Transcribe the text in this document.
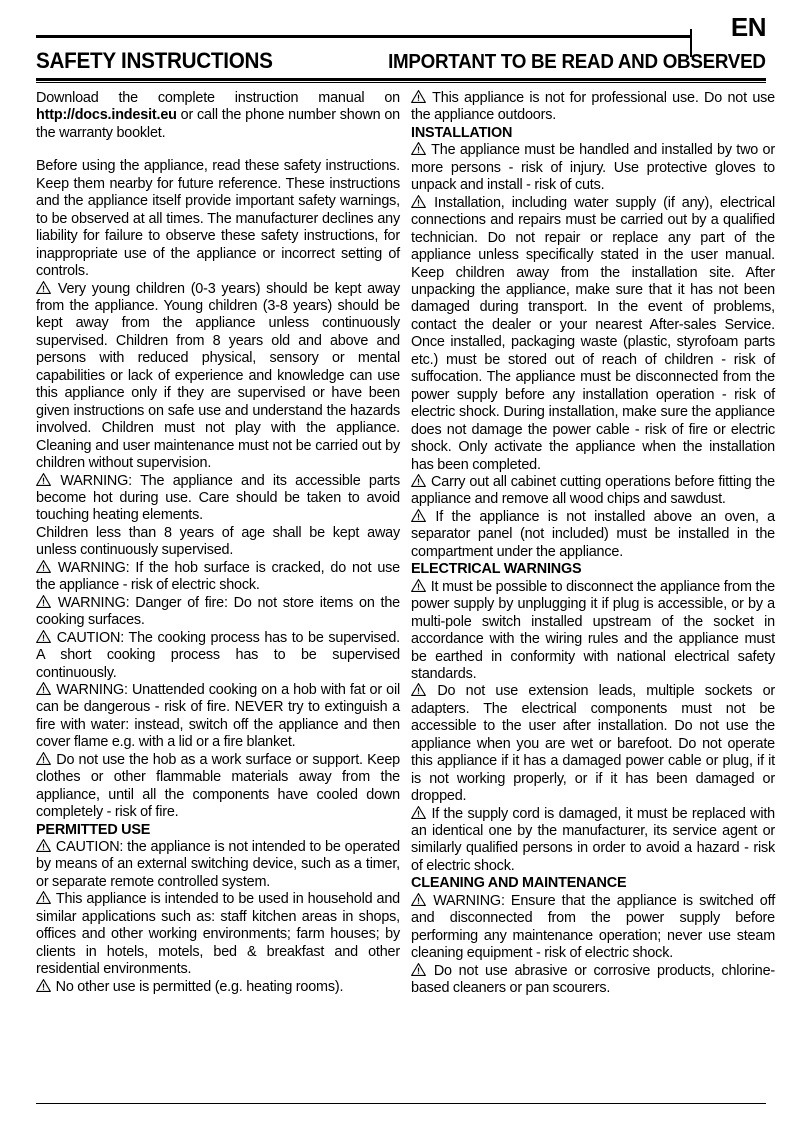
EN
SAFETY INSTRUCTIONS	IMPORTANT TO BE READ AND OBSERVED

Download the complete instruction manual on http://docs.indesit.eu or call the phone number shown on the warranty booklet.

Before using the appliance, read these safety instructions. Keep them nearby for future reference. These instructions and the appliance itself provide important safety warnings, to be observed at all times. The manufacturer declines any liability for failure to observe these safety instructions, for inappropriate use of the appliance or incorrect setting of controls.

Very young children (0-3 years) should be kept away from the appliance. Young children (3-8 years) should be kept away from the appliance unless continuously supervised. Children from 8 years old and above and persons with reduced physical, sensory or mental capabilities or lack of experience and knowledge can use this appliance only if they are supervised or have been given instructions on safe use and understand the hazards involved. Children must not play with the appliance. Cleaning and user maintenance must not be carried out by children without supervision.

WARNING: The appliance and its accessible parts become hot during use. Care should be taken to avoid touching heating elements.

Children less than 8 years of age shall be kept away unless continuously supervised.

WARNING: If the hob surface is cracked, do not use the appliance - risk of electric shock.

WARNING: Danger of fire: Do not store items on the cooking surfaces.

CAUTION: The cooking process has to be supervised. A short cooking process has to be supervised continuously.

WARNING: Unattended cooking on a hob with fat or oil can be dangerous - risk of fire. NEVER try to extinguish a fire with water: instead, switch off the appliance and then cover flame e.g. with a lid or a fire blanket.

Do not use the hob as a work surface or support. Keep clothes or other flammable materials away from the appliance, until all the components have cooled down completely - risk of fire.

PERMITTED USE

CAUTION: the appliance is not intended to be operated by means of an external switching device, such as a timer, or separate remote controlled system.

This appliance is intended to be used in household and similar applications such as: staff kitchen areas in shops, offices and other working environments; farm houses; by clients in hotels, motels, bed & breakfast and other residential environments.

No other use is permitted (e.g. heating rooms).

This appliance is not for professional use. Do not use the appliance outdoors.

INSTALLATION

The appliance must be handled and installed by two or more persons - risk of injury. Use protective gloves to unpack and install - risk of cuts.

Installation, including water supply (if any), electrical connections and repairs must be carried out by a qualified technician. Do not repair or replace any part of the appliance unless specifically stated in the user manual. Keep children away from the installation site. After unpacking the appliance, make sure that it has not been damaged during transport. In the event of problems, contact the dealer or your nearest After-sales Service. Once installed, packaging waste (plastic, styrofoam parts etc.) must be stored out of reach of children - risk of suffocation. The appliance must be disconnected from the power supply before any installation operation - risk of electric shock. During installation, make sure the appliance does not damage the power cable - risk of fire or electric shock. Only activate the appliance when the installation has been completed.

Carry out all cabinet cutting operations before fitting the appliance and remove all wood chips and sawdust.

If the appliance is not installed above an oven, a separator panel (not included) must be installed in the compartment under the appliance.

ELECTRICAL WARNINGS

It must be possible to disconnect the appliance from the power supply by unplugging it if plug is accessible, or by a multi-pole switch installed upstream of the socket in accordance with the wiring rules and the appliance must be earthed in conformity with national electrical safety standards.

Do not use extension leads, multiple sockets or adapters. The electrical components must not be accessible to the user after installation. Do not use the appliance when you are wet or barefoot. Do not operate this appliance if it has a damaged power cable or plug, if it is not working properly, or if it has been damaged or dropped.

If the supply cord is damaged, it must be replaced with an identical one by the manufacturer, its service agent or similarly qualified persons in order to avoid a hazard - risk of electric shock.

CLEANING AND MAINTENANCE

WARNING: Ensure that the appliance is switched off and disconnected from the power supply before performing any maintenance operation; never use steam cleaning equipment - risk of electric shock.

Do not use abrasive or corrosive products, chlorine-based cleaners or pan scourers.
